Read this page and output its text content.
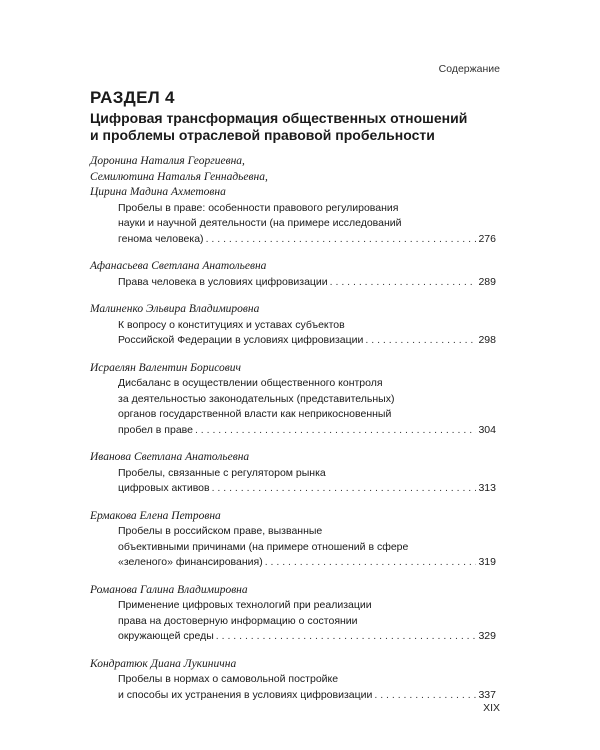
Содержание
РАЗДЕЛ 4
Цифровая трансформация общественных отношений
и проблемы отраслевой правовой пробельности
Доронина Наталия Георгиевна,
Семилютина Наталья Геннадьевна,
Цирина Мадина Ахметовна
Пробелы в праве: особенности правового регулирования
науки и научной деятельности (на примере исследований
генома человека) . . .	276
Афанасьева Светлана Анатольевна
Права человека в условиях цифровизации . . .	289
Малиненко Эльвира Владимировна
К вопросу о конституциях и уставах субъектов
Российской Федерации в условиях цифровизации . . .	298
Исраелян Валентин Борисович
Дисбаланс в осуществлении общественного контроля
за деятельностью законодательных (представительных)
органов государственной власти как неприкосновенный
пробел в праве . . .	304
Иванова Светлана Анатольевна
Пробелы, связанные с регулятором рынка
цифровых активов . . .	313
Ермакова Елена Петровна
Пробелы в российском праве, вызванные
объективными причинами (на примере отношений в сфере
«зеленого» финансирования) . . .	319
Романова Галина Владимировна
Применение цифровых технологий при реализации
права на достоверную информацию о состоянии
окружающей среды . . .	329
Кондратюк Диана Лукинична
Пробелы в нормах о самовольной постройке
и способы их устранения в условиях цифровизации . . .	337
XIX
